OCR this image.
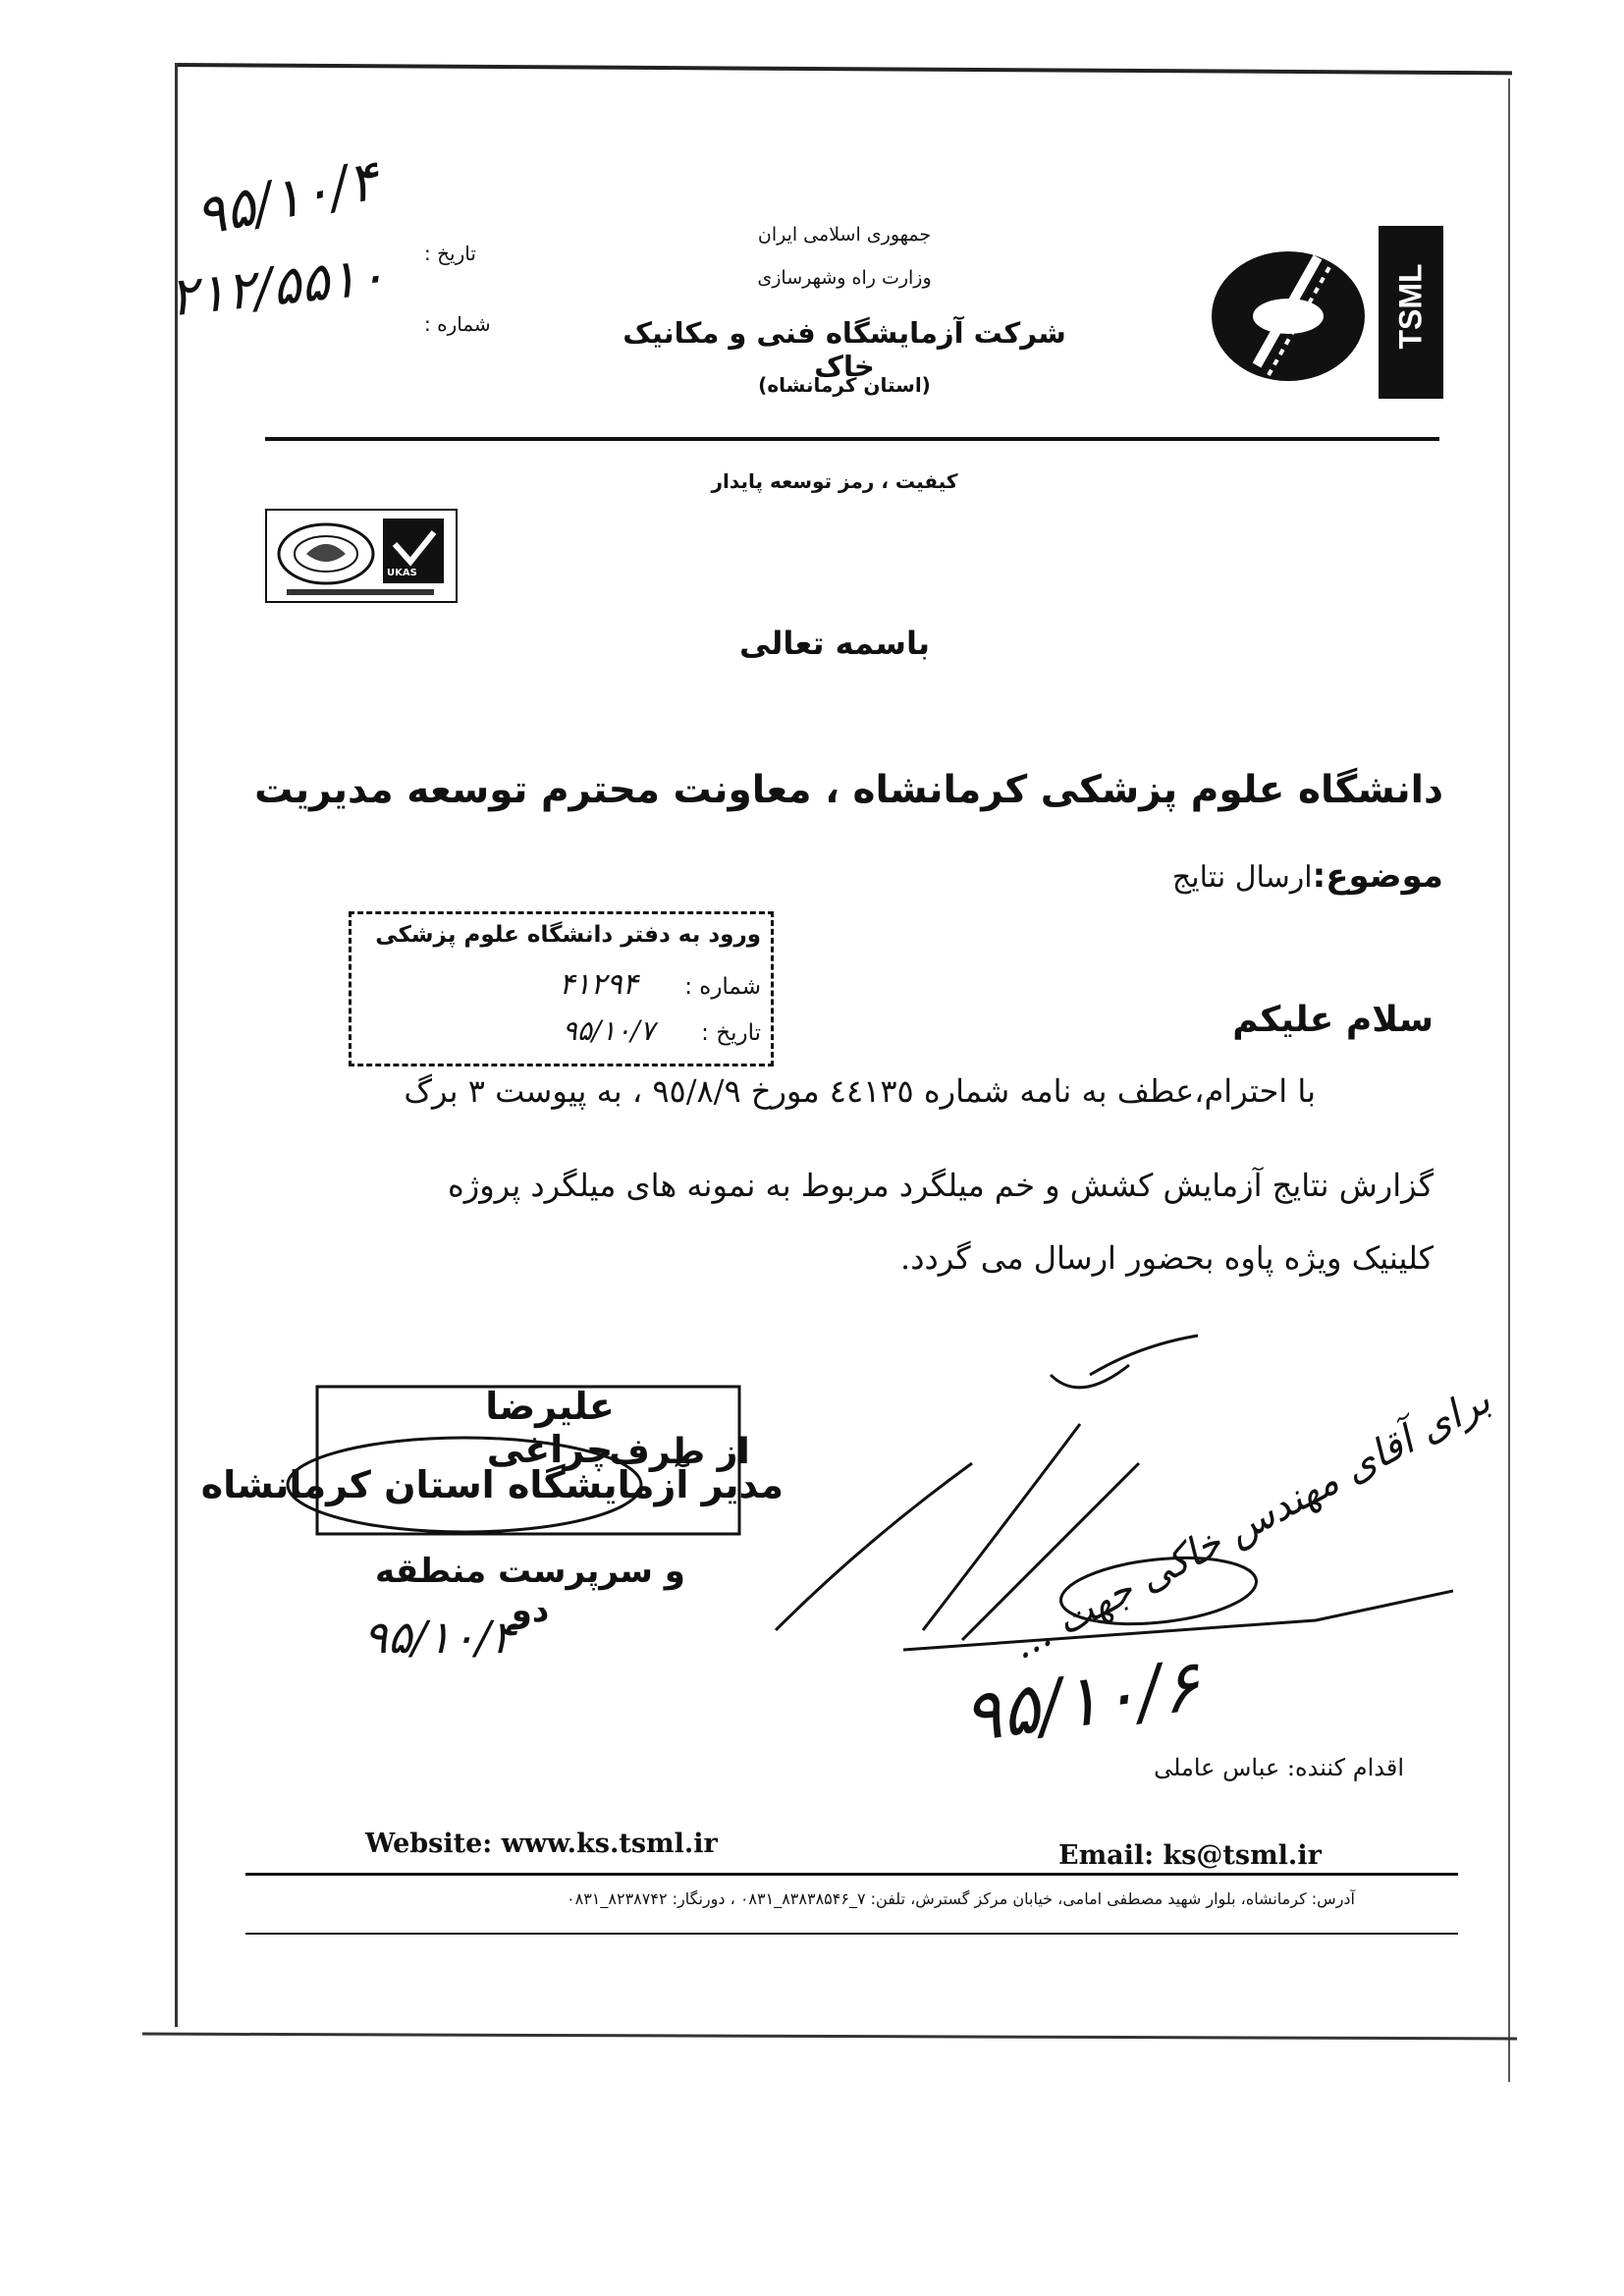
TSML
جمهوری اسلامی ایران
وزارت راه وشهرسازی
شرکت آزمایشگاه فنی و مکانیک خاک
(استان کرمانشاه)
تاریخ :
شماره :
۹۵/۱۰/۴
۲۱۲/۵۵۱۰
کیفیت ، رمز توسعه پایدار
UKAS
باسمه تعالی
دانشگاه علوم پزشکی کرمانشاه ، معاونت محترم توسعه مدیریت
موضوع:ارسال نتایج
ورود به دفتر دانشگاه علوم پزشکی
شماره : ۴۱۲۹۴
تاریخ : ۹۵/۱۰/۷	سلام علیکم
با احترام،عطف به نامه شماره ٤٤١٣٥ مورخ ٩٥/٨/٩ ، به پیوست ٣ برگ
گزارش نتایج آزمایش کشش و خم میلگرد مربوط به نمونه های میلگرد پروژه
کلینیک ویژه پاوه بحضور ارسال می گردد.
علیرضا چراغی
از طرف
مدیر آزمایشگاه استان کرمانشاه
و سرپرست منطقه دو
۹۵/۱۰/۴	برای آقای مهندس خاکی جهت ...
۹۵/۱۰/۶
اقدام کننده: عباس عاملی
Website: www.ks.tsml.ir	Email: ks@tsml.ir
آدرس: کرمانشاه، بلوار شهید مصطفی امامی، خیابان مرکز گسترش، تلفن: ۷_۸۳۸۳۸۵۴۶_۰۸۳۱ ، دورنگار: ۸۲۳۸۷۴۲_۰۸۳۱
